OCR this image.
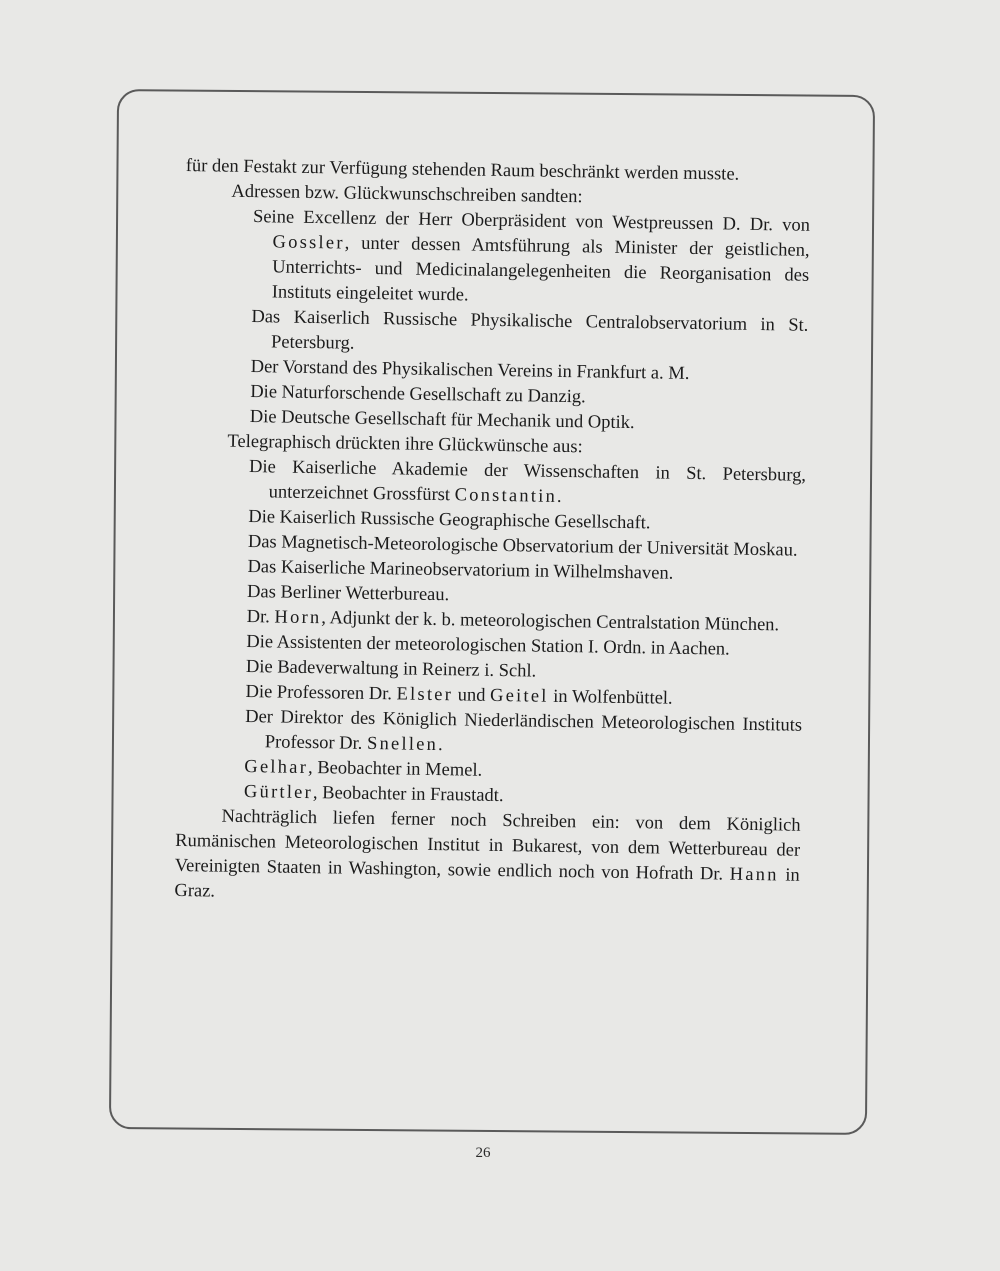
für den Festakt zur Verfügung stehenden Raum beschränkt werden musste.

Adressen bzw. Glückwunschschreiben sandten:

Seine Excellenz der Herr Oberpräsident von Westpreussen D. Dr. von Gossler, unter dessen Amtsführung als Minister der geistlichen, Unterrichts- und Medicinalangelegenheiten die Reorganisation des Instituts eingeleitet wurde.

Das Kaiserlich Russische Physikalische Centralobservatorium in St. Petersburg.

Der Vorstand des Physikalischen Vereins in Frankfurt a. M.

Die Naturforschende Gesellschaft zu Danzig.

Die Deutsche Gesellschaft für Mechanik und Optik.

Telegraphisch drückten ihre Glückwünsche aus:

Die Kaiserliche Akademie der Wissenschaften in St. Petersburg, unterzeichnet Grossfürst Constantin.

Die Kaiserlich Russische Geographische Gesellschaft.

Das Magnetisch-Meteorologische Observatorium der Universität Moskau.

Das Kaiserliche Marineobservatorium in Wilhelmshaven.

Das Berliner Wetterbureau.

Dr. Horn, Adjunkt der k. b. meteorologischen Centralstation München.

Die Assistenten der meteorologischen Station I. Ordn. in Aachen.

Die Badeverwaltung in Reinerz i. Schl.

Die Professoren Dr. Elster und Geitel in Wolfenbüttel.

Der Direktor des Königlich Niederländischen Meteorologischen Instituts Professor Dr. Snellen.

Gelhar, Beobachter in Memel.

Gürtler, Beobachter in Fraustadt.

Nachträglich liefen ferner noch Schreiben ein: von dem Königlich Rumänischen Meteorologischen Institut in Bukarest, von dem Wetterbureau der Vereinigten Staaten in Washington, sowie endlich noch von Hofrath Dr. Hann in Graz.

26
